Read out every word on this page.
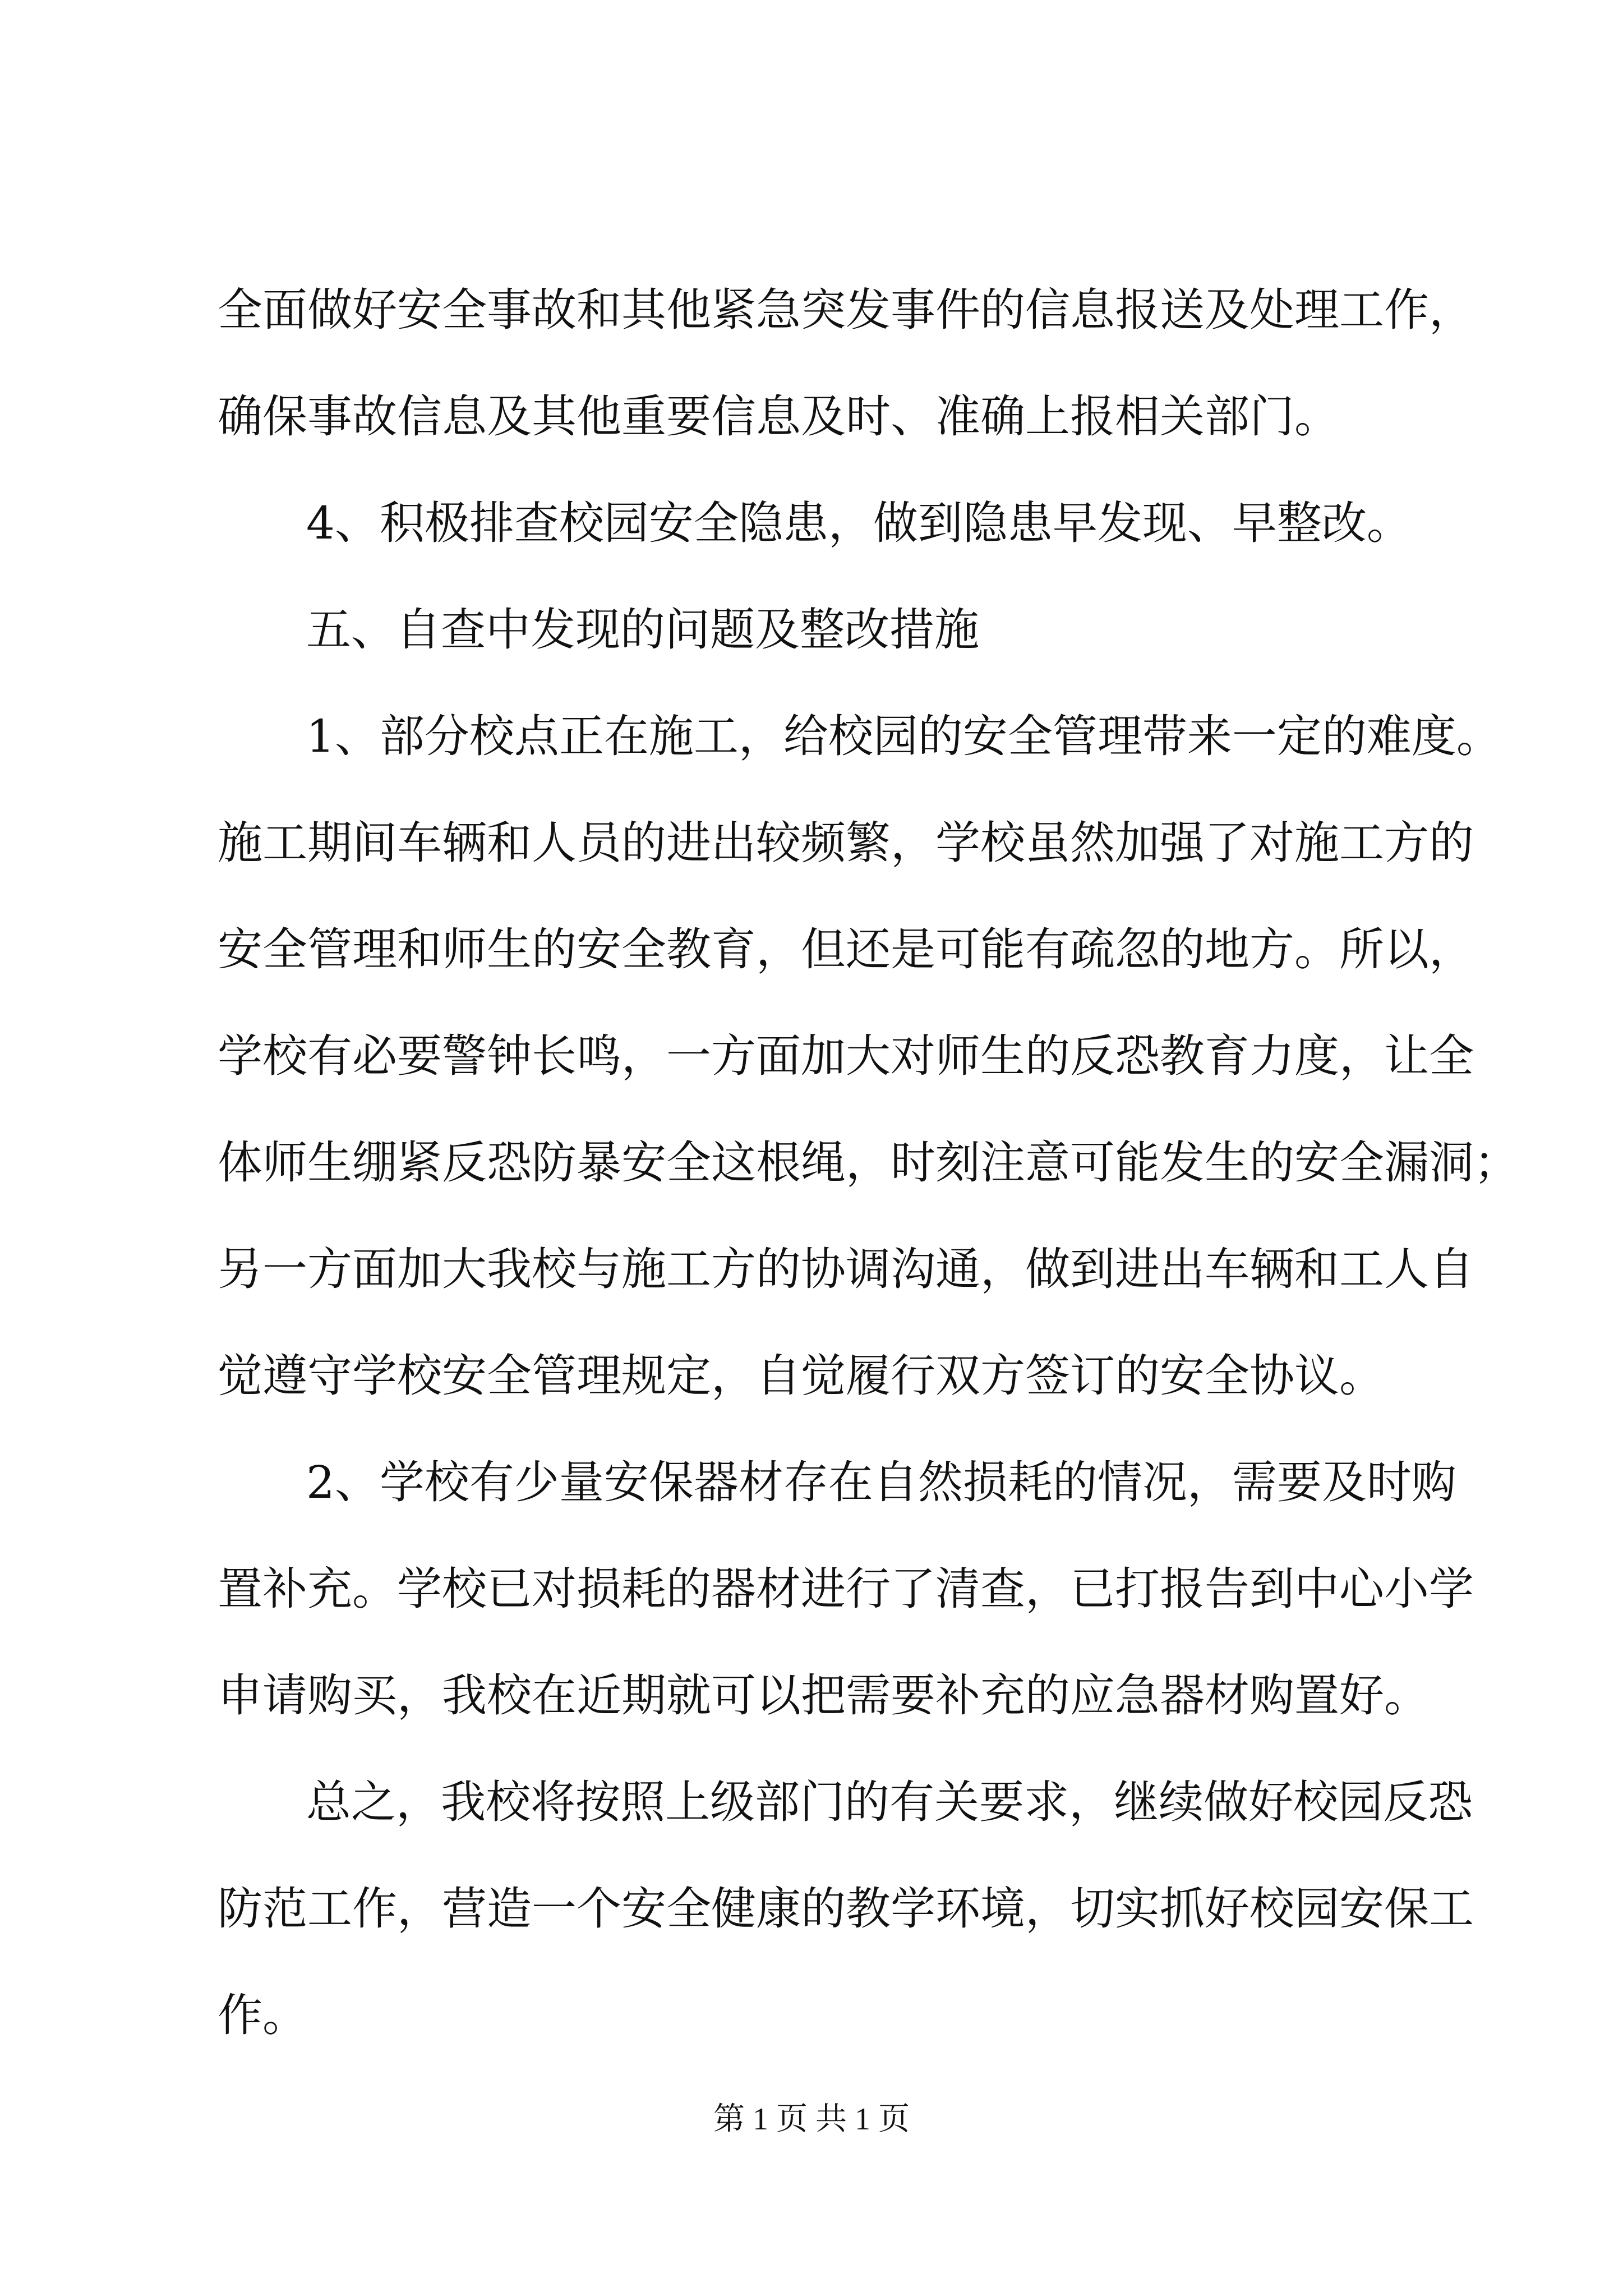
全面做好安全事故和其他紧急突发事件的信息报送及处理工作，
确保事故信息及其他重要信息及时、准确上报相关部门。
4、积极排查校园安全隐患，做到隐患早发现、早整改。
五、自查中发现的问题及整改措施
1、部分校点正在施工，给校园的安全管理带来一定的难度。
施工期间车辆和人员的进出较频繁，学校虽然加强了对施工方的
安全管理和师生的安全教育，但还是可能有疏忽的地方。所以，
学校有必要警钟长鸣，一方面加大对师生的反恐教育力度，让全
体师生绷紧反恐防暴安全这根绳，时刻注意可能发生的安全漏洞；
另一方面加大我校与施工方的协调沟通，做到进出车辆和工人自
觉遵守学校安全管理规定，自觉履行双方签订的安全协议。
2、学校有少量安保器材存在自然损耗的情况，需要及时购
置补充。学校已对损耗的器材进行了清查，已打报告到中心小学
申请购买，我校在近期就可以把需要补充的应急器材购置好。
总之，我校将按照上级部门的有关要求，继续做好校园反恐
防范工作，营造一个安全健康的教学环境，切实抓好校园安保工
作。
第 1 页 共 1 页
